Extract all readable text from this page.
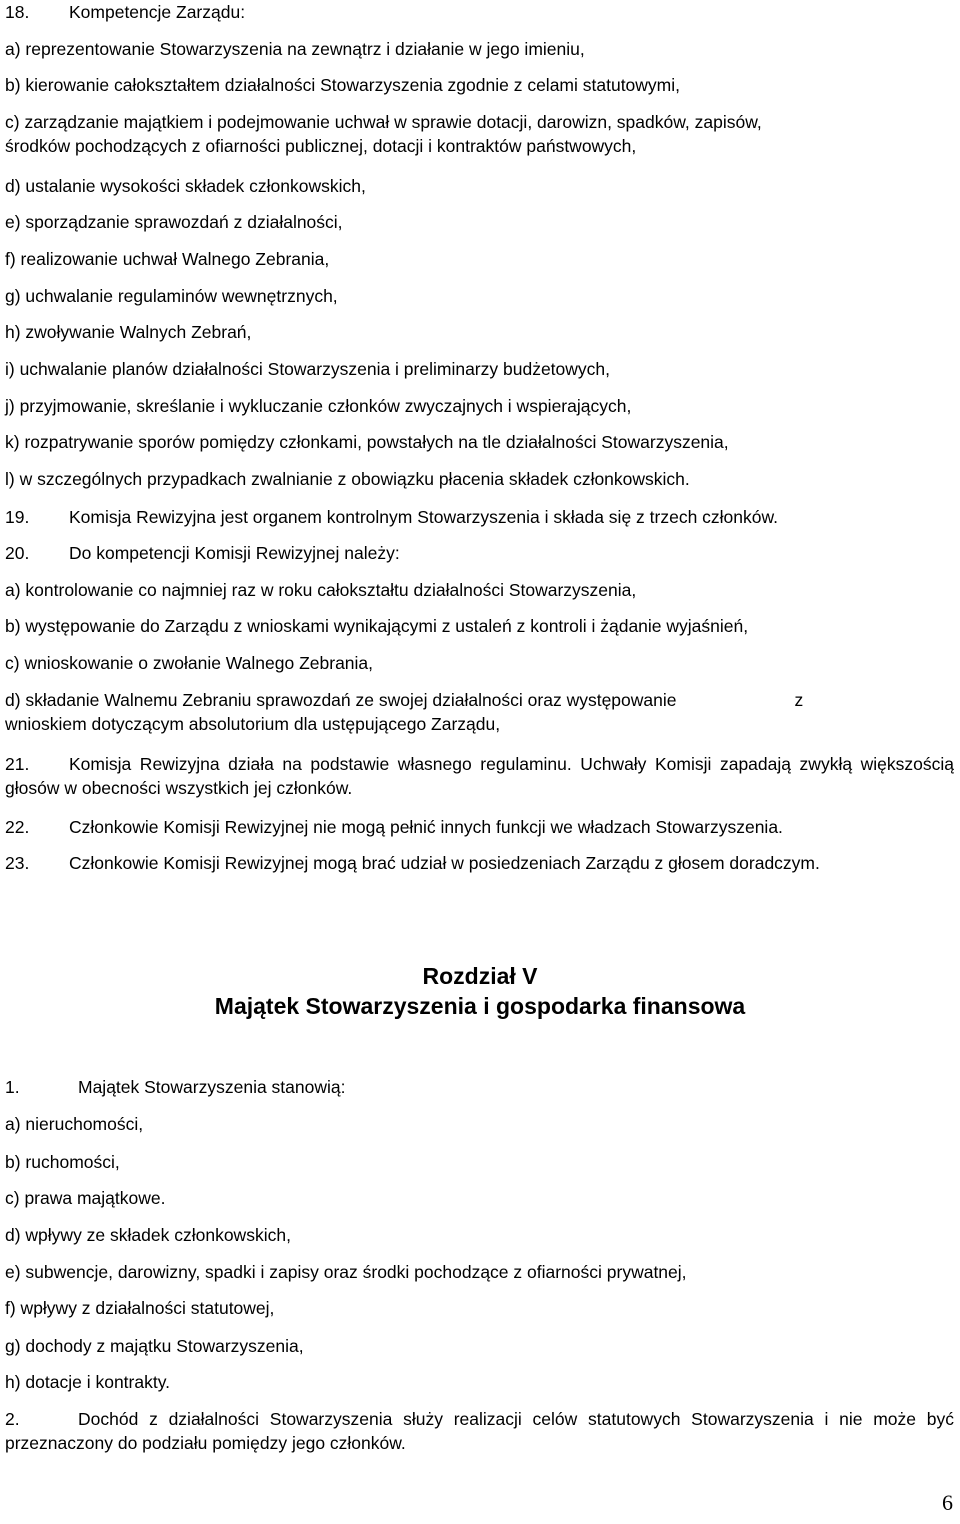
18. Kompetencje Zarządu:

a) reprezentowanie Stowarzyszenia na zewnątrz i działanie w jego imieniu,

b) kierowanie całokształtem działalności Stowarzyszenia zgodnie z celami statutowymi,

c) zarządzanie majątkiem i podejmowanie uchwał w sprawie dotacji, darowizn, spadków, zapisów,

środków pochodzących z ofiarności publicznej, dotacji i kontraktów państwowych,

d) ustalanie wysokości składek członkowskich,

e) sporządzanie sprawozdań z działalności,

f) realizowanie uchwał Walnego Zebrania,

g) uchwalanie regulaminów wewnętrznych,

h) zwoływanie Walnych Zebrań,

i) uchwalanie planów działalności Stowarzyszenia i preliminarzy budżetowych,

j) przyjmowanie, skreślanie i wykluczanie członków zwyczajnych i wspierających,

k) rozpatrywanie sporów pomiędzy członkami, powstałych na tle działalności Stowarzyszenia,

l) w szczególnych przypadkach zwalnianie z obowiązku płacenia składek członkowskich.

19. Komisja Rewizyjna jest organem kontrolnym Stowarzyszenia i składa się z trzech członków.

20. Do kompetencji Komisji Rewizyjnej należy:

a) kontrolowanie co najmniej raz w roku całokształtu działalności Stowarzyszenia,

b) występowanie do Zarządu z wnioskami wynikającymi z ustaleń z kontroli i żądanie wyjaśnień,

c) wnioskowanie o zwołanie Walnego Zebrania,

d) składanie Walnemu Zebraniu sprawozdań ze swojej działalności oraz występowanie	z

wnioskiem dotyczącym absolutorium dla ustępującego Zarządu,

21. Komisja Rewizyjna działa na podstawie własnego regulaminu. Uchwały Komisji zapadają zwykłą większością głosów w obecności wszystkich jej członków.

22. Członkowie Komisji Rewizyjnej nie mogą pełnić innych funkcji we władzach Stowarzyszenia.

23. Członkowie Komisji Rewizyjnej mogą brać udział w posiedzeniach Zarządu z głosem doradczym.

Rozdział V

Majątek Stowarzyszenia i gospodarka finansowa

1.	Majątek Stowarzyszenia stanowią:

a) nieruchomości,

b) ruchomości,

c) prawa majątkowe.

d) wpływy ze składek członkowskich,

e) subwencje, darowizny, spadki i zapisy oraz środki pochodzące z ofiarności prywatnej,

f) wpływy z działalności statutowej,

g) dochody z majątku Stowarzyszenia,

h) dotacje i kontrakty.

2.	Dochód z działalności Stowarzyszenia służy realizacji celów statutowych Stowarzyszenia i nie może być przeznaczony do podziału pomiędzy jego członków.

6
